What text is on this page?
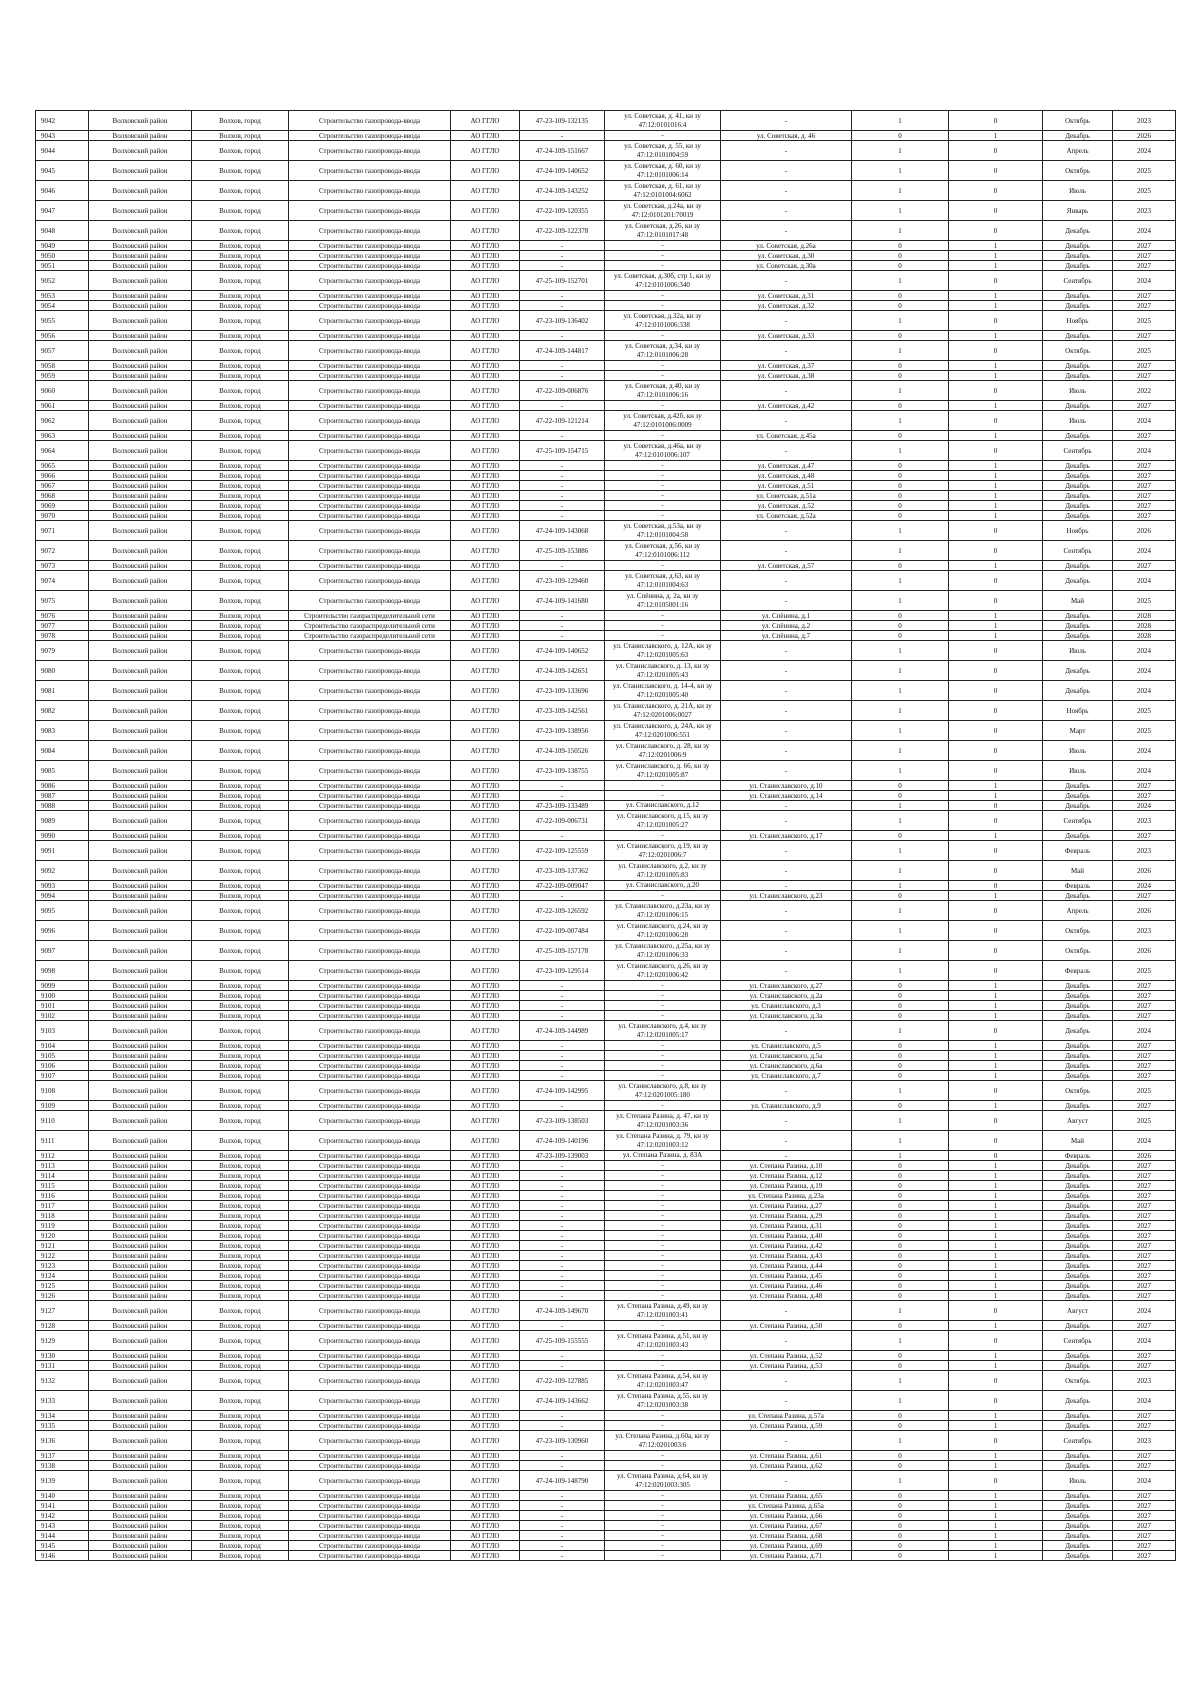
9042	Волховский район	Волхов, город	Строительство газопровода-ввода	АО ГГЛО	47-23-109-132135	ул. Советская, д. 41, кн зу 47:12:0101016:4	-	1	0	Октябрь	2023
9043	Волховский район	Волхов, город	Строительство газопровода-ввода	АО ГГЛО	-	-	ул. Советская, д. 46	0	1	Декабрь	2026
9044	Волховский район	Волхов, город	Строительство газопровода-ввода	АО ГГЛО	47-24-109-151667	ул. Советская, д. 55, кн зу 47:12:0101004:59	-	1	0	Апрель	2024
9045	Волховский район	Волхов, город	Строительство газопровода-ввода	АО ГГЛО	47-24-109-140652	ул. Советская, д. 60, кн зу 47:12:0101006:14	-	1	0	Октябрь	2025
9046	Волховский район	Волхов, город	Строительство газопровода-ввода	АО ГГЛО	47-24-109-143252	ул. Советская, д. 61, кн зу 47:12:0101004:6062	-	1	0	Июль	2025
9047	Волховский район	Волхов, город	Строительство газопровода-ввода	АО ГГЛО	47-22-109-120355	ул. Советская, д.24а, кн зу 47:12:0101201:70019	-	1	0	Январь	2023
9048	Волховский район	Волхов, город	Строительство газопровода-ввода	АО ГГЛО	47-22-109-122378	ул. Советская, д.26, кн зу 47:12:0101017:48	-	1	0	Декабрь	2024
9049	Волховский район	Волхов, город	Строительство газопровода-ввода	АО ГГЛО	-	-	ул. Советская, д.26а	0	1	Декабрь	2027
9050	Волховский район	Волхов, город	Строительство газопровода-ввода	АО ГГЛО	-	-	ул. Советская, д.30	0	1	Декабрь	2027
9051	Волховский район	Волхов, город	Строительство газопровода-ввода	АО ГГЛО	-	-	ул. Советская, д.30а	0	1	Декабрь	2027
9052	Волховский район	Волхов, город	Строительство газопровода-ввода	АО ГГЛО	47-25-109-152701	ул. Советская, д.30б, стр 1, кн зу 47:12:0101006:340	-	1	0	Сентябрь	2024
9053	Волховский район	Волхов, город	Строительство газопровода-ввода	АО ГГЛО	-	-	ул. Советская, д.31	0	1	Декабрь	2027
9054	Волховский район	Волхов, город	Строительство газопровода-ввода	АО ГГЛО	-	-	ул. Советская, д.32	0	1	Декабрь	2027
9055	Волховский район	Волхов, город	Строительство газопровода-ввода	АО ГГЛО	47-23-109-136402	ул. Советская, д.32а, кн зу 47:12:0101006:338	-	1	0	Ноябрь	2025
9056	Волховский район	Волхов, город	Строительство газопровода-ввода	АО ГГЛО	-	-	ул. Советская, д.33	0	1	Декабрь	2027
9057	Волховский район	Волхов, город	Строительство газопровода-ввода	АО ГГЛО	47-24-109-144817	ул. Советская, д.34, кн зу 47:12:0101006:28	-	1	0	Октябрь	2025
9058	Волховский район	Волхов, город	Строительство газопровода-ввода	АО ГГЛО	-	-	ул. Советская, д.37	0	1	Декабрь	2027
9059	Волховский район	Волхов, город	Строительство газопровода-ввода	АО ГГЛО	-	-	ул. Советская, д.38	0	1	Декабрь	2027
9060	Волховский район	Волхов, город	Строительство газопровода-ввода	АО ГГЛО	47-22-109-006876	ул. Советская, д.40, кн зу 47:12:0101006:16	-	1	0	Июль	2022
9061	Волховский район	Волхов, город	Строительство газопровода-ввода	АО ГГЛО	-	-	ул. Советская, д.42	0	1	Декабрь	2027
9062	Волховский район	Волхов, город	Строительство газопровода-ввода	АО ГГЛО	47-22-109-121214	ул. Советская, д.42б, кн зу 47:12:0101006:0009	-	1	0	Июль	2024
9063	Волховский район	Волхов, город	Строительство газопровода-ввода	АО ГГЛО	-	-	ул. Советская, д.45а	0	1	Декабрь	2027
9064	Волховский район	Волхов, город	Строительство газопровода-ввода	АО ГГЛО	47-25-109-154715	ул. Советская, д.46а, кн зу 47:12:0101006:107	-	1	0	Сентябрь	2024
9065	Волховский район	Волхов, город	Строительство газопровода-ввода	АО ГГЛО	-	-	ул. Советская, д.47	0	1	Декабрь	2027
9066	Волховский район	Волхов, город	Строительство газопровода-ввода	АО ГГЛО	-	-	ул. Советская, д.48	0	1	Декабрь	2027
9067	Волховский район	Волхов, город	Строительство газопровода-ввода	АО ГГЛО	-	-	ул. Советская, д.51	0	1	Декабрь	2027
9068	Волховский район	Волхов, город	Строительство газопровода-ввода	АО ГГЛО	-	-	ул. Советская, д.51а	0	1	Декабрь	2027
9069	Волховский район	Волхов, город	Строительство газопровода-ввода	АО ГГЛО	-	-	ул. Советская, д.52	0	1	Декабрь	2027
9070	Волховский район	Волхов, город	Строительство газопровода-ввода	АО ГГЛО	-	-	ул. Советская, д.52а	0	1	Декабрь	2027
9071	Волховский район	Волхов, город	Строительство газопровода-ввода	АО ГГЛО	47-24-109-143068	ул. Советская, д.53а, кн зу 47:12:0101004:58	-	1	0	Ноябрь	2026
9072	Волховский район	Волхов, город	Строительство газопровода-ввода	АО ГГЛО	47-25-109-153886	ул. Советская, д.56, кн зу 47:12:0101006:112	-	1	0	Сентябрь	2024
9073	Волховский район	Волхов, город	Строительство газопровода-ввода	АО ГГЛО	-	-	ул. Советская, д.57	0	1	Декабрь	2027
9074	Волховский район	Волхов, город	Строительство газопровода-ввода	АО ГГЛО	47-23-109-129460	ул. Советская, д.63, кн зу 47:12:0101004:63	-	1	0	Декабрь	2024
9075	Волховский район	Волхов, город	Строительство газопровода-ввода	АО ГГЛО	47-24-109-141680	ул. Спëнина, д. 2а, кн зу 47:12:0105001:16	-	1	0	Май	2025
9076	Волховский район	Волхов, город	Строительство газораспределительной сети	АО ГГЛО	-	-	ул. Спëнина, д.1	0	1	Декабрь	2028
9077	Волховский район	Волхов, город	Строительство газораспределительной сети	АО ГГЛО	-	-	ул. Спëнина, д.2	0	1	Декабрь	2028
9078	Волховский район	Волхов, город	Строительство газораспределительной сети	АО ГГЛО	-	-	ул. Спëнина, д.7	0	1	Декабрь	2028
9079	Волховский район	Волхов, город	Строительство газопровода-ввода	АО ГГЛО	47-24-109-140652	ул. Станиславского, д. 12А, кн зу 47:12:0201005:63	-	1	0	Июль	2024
9080	Волховский район	Волхов, город	Строительство газопровода-ввода	АО ГГЛО	47-24-109-142651	ул. Станиславского, д. 13, кн зу 47:12:0201005:43	-	1	0	Декабрь	2024
9081	Волховский район	Волхов, город	Строительство газопровода-ввода	АО ГГЛО	47-23-109-133696	ул. Станиславского, д. 14-4, кн зу 47:12:0201005:40	-	1	0	Декабрь	2024
9082	Волховский район	Волхов, город	Строительство газопровода-ввода	АО ГГЛО	47-23-109-142561	ул. Станиславского, д. 21А, кн зу 47:12:0201006:0027	-	1	0	Ноябрь	2025
9083	Волховский район	Волхов, город	Строительство газопровода-ввода	АО ГГЛО	47-23-109-138956	ул. Станиславского, д. 24А, кн зу 47:12:0201006:551	-	1	0	Март	2025
9084	Волховский район	Волхов, город	Строительство газопровода-ввода	АО ГГЛО	47-24-109-150526	ул. Станиславского, д. 28, кн зу 47:12:0201006:9	-	1	0	Июль	2024
9085	Волховский район	Волхов, город	Строительство газопровода-ввода	АО ГГЛО	47-23-109-138755	ул. Станиславского, д. 66, кн зу 47:12:0201005:87	-	1	0	Июль	2024
9086	Волховский район	Волхов, город	Строительство газопровода-ввода	АО ГГЛО	-	-	ул. Станиславского, д.10	0	1	Декабрь	2027
9087	Волховский район	Волхов, город	Строительство газопровода-ввода	АО ГГЛО	-	-	ул. Станиславского, д.14	0	1	Декабрь	2027
9088	Волховский район	Волхов, город	Строительство газопровода-ввода	АО ГГЛО	47-23-109-133489	ул. Станиславского, д.12	-	1	0	Декабрь	2024
9089	Волховский район	Волхов, город	Строительство газопровода-ввода	АО ГГЛО	47-22-109-006731	ул. Станиславского, д.15, кн зу 47:12:0201005:27	-	1	0	Сентябрь	2023
9090	Волховский район	Волхов, город	Строительство газопровода-ввода	АО ГГЛО	-	-	ул. Станиславского, д.17	0	1	Декабрь	2027
9091	Волховский район	Волхов, город	Строительство газопровода-ввода	АО ГГЛО	47-22-109-125559	ул. Станиславского, д.19, кн зу 47:12:0201006:7	-	1	0	Февраль	2023
9092	Волховский район	Волхов, город	Строительство газопровода-ввода	АО ГГЛО	47-23-109-137362	ул. Станиславского, д.2, кн зу 47:12:0201005:83	-	1	0	Май	2026
9093	Волховский район	Волхов, город	Строительство газопровода-ввода	АО ГГЛО	47-22-109-009047	ул. Станиславского, д.20	-	1	0	Февраль	2024
9094	Волховский район	Волхов, город	Строительство газопровода-ввода	АО ГГЛО	-	-	ул. Станиславского, д.23	0	1	Декабрь	2027
9095	Волховский район	Волхов, город	Строительство газопровода-ввода	АО ГГЛО	47-22-109-126592	ул. Станиславского, д.23а, кн зу 47:12:0201006:15	-	1	0	Апрель	2026
9096	Волховский район	Волхов, город	Строительство газопровода-ввода	АО ГГЛО	47-22-109-007484	ул. Станиславского, д.24, кн зу 47:12:0201006:28	-	1	0	Октябрь	2023
9097	Волховский район	Волхов, город	Строительство газопровода-ввода	АО ГГЛО	47-25-109-157178	ул. Станиславского, д.25а, кн зу 47:12:0201006:33	-	1	0	Октябрь	2026
9098	Волховский район	Волхов, город	Строительство газопровода-ввода	АО ГГЛО	47-23-109-129514	ул. Станиславского, д.26, кн зу 47:12:0201006:42	-	1	0	Февраль	2025
9099	Волховский район	Волхов, город	Строительство газопровода-ввода	АО ГГЛО	-	-	ул. Станиславского, д.27	0	1	Декабрь	2027
9100	Волховский район	Волхов, город	Строительство газопровода-ввода	АО ГГЛО	-	-	ул. Станиславского, д.2а	0	1	Декабрь	2027
9101	Волховский район	Волхов, город	Строительство газопровода-ввода	АО ГГЛО	-	-	ул. Станиславского, д.3	0	1	Декабрь	2027
9102	Волховский район	Волхов, город	Строительство газопровода-ввода	АО ГГЛО	-	-	ул. Станиславского, д.3а	0	1	Декабрь	2027
9103	Волховский район	Волхов, город	Строительство газопровода-ввода	АО ГГЛО	47-24-109-144989	ул. Станиславского, д.4, кн зу 47:12:0201005:17	-	1	0	Декабрь	2024
9104	Волховский район	Волхов, город	Строительство газопровода-ввода	АО ГГЛО	-	-	ул. Станиславского, д.5	0	1	Декабрь	2027
9105	Волховский район	Волхов, город	Строительство газопровода-ввода	АО ГГЛО	-	-	ул. Станиславского, д.5а	0	1	Декабрь	2027
9106	Волховский район	Волхов, город	Строительство газопровода-ввода	АО ГГЛО	-	-	ул. Станиславского, д.6а	0	1	Декабрь	2027
9107	Волховский район	Волхов, город	Строительство газопровода-ввода	АО ГГЛО	-	-	ул. Станиславского, д.7	0	1	Декабрь	2027
9108	Волховский район	Волхов, город	Строительство газопровода-ввода	АО ГГЛО	47-24-109-142995	ул. Станиславского, д.8, кн зу 47:12:0201005:180	-	1	0	Октябрь	2025
9109	Волховский район	Волхов, город	Строительство газопровода-ввода	АО ГГЛО	-	-	ул. Станиславского, д.9	0	1	Декабрь	2027
9110	Волховский район	Волхов, город	Строительство газопровода-ввода	АО ГГЛО	47-23-109-138503	ул. Степана Разина, д. 47, кн зу 47:12:0201003:36	-	1	0	Август	2025
9111	Волховский район	Волхов, город	Строительство газопровода-ввода	АО ГГЛО	47-24-109-140196	ул. Степана Разина, д. 79, кн зу 47:12:0201003:12	-	1	0	Май	2024
9112	Волховский район	Волхов, город	Строительство газопровода-ввода	АО ГГЛО	47-23-109-139003	ул. Степана Разина, д. 83А	-	1	0	Февраль	2026
9113	Волховский район	Волхов, город	Строительство газопровода-ввода	АО ГГЛО	-	-	ул. Степана Разина, д.10	0	1	Декабрь	2027
9114	Волховский район	Волхов, город	Строительство газопровода-ввода	АО ГГЛО	-	-	ул. Степана Разина, д.12	0	1	Декабрь	2027
9115	Волховский район	Волхов, город	Строительство газопровода-ввода	АО ГГЛО	-	-	ул. Степана Разина, д.19	0	1	Декабрь	2027
9116	Волховский район	Волхов, город	Строительство газопровода-ввода	АО ГГЛО	-	-	ул. Степана Разина, д.23а	0	1	Декабрь	2027
9117	Волховский район	Волхов, город	Строительство газопровода-ввода	АО ГГЛО	-	-	ул. Степана Разина, д.27	0	1	Декабрь	2027
9118	Волховский район	Волхов, город	Строительство газопровода-ввода	АО ГГЛО	-	-	ул. Степана Разина, д.29	0	1	Декабрь	2027
9119	Волховский район	Волхов, город	Строительство газопровода-ввода	АО ГГЛО	-	-	ул. Степана Разина, д.31	0	1	Декабрь	2027
9120	Волховский район	Волхов, город	Строительство газопровода-ввода	АО ГГЛО	-	-	ул. Степана Разина, д.40	0	1	Декабрь	2027
9121	Волховский район	Волхов, город	Строительство газопровода-ввода	АО ГГЛО	-	-	ул. Степана Разина, д.42	0	1	Декабрь	2027
9122	Волховский район	Волхов, город	Строительство газопровода-ввода	АО ГГЛО	-	-	ул. Степана Разина, д.43	0	1	Декабрь	2027
9123	Волховский район	Волхов, город	Строительство газопровода-ввода	АО ГГЛО	-	-	ул. Степана Разина, д.44	0	1	Декабрь	2027
9124	Волховский район	Волхов, город	Строительство газопровода-ввода	АО ГГЛО	-	-	ул. Степана Разина, д.45	0	1	Декабрь	2027
9125	Волховский район	Волхов, город	Строительство газопровода-ввода	АО ГГЛО	-	-	ул. Степана Разина, д.46	0	1	Декабрь	2027
9126	Волховский район	Волхов, город	Строительство газопровода-ввода	АО ГГЛО	-	-	ул. Степана Разина, д.48	0	1	Декабрь	2027
9127	Волховский район	Волхов, город	Строительство газопровода-ввода	АО ГГЛО	47-24-109-149670	ул. Степана Разина, д.49, кн зу 47:12:0201003:41	-	1	0	Август	2024
9128	Волховский район	Волхов, город	Строительство газопровода-ввода	АО ГГЛО	-	-	ул. Степана Разина, д.50	0	1	Декабрь	2027
9129	Волховский район	Волхов, город	Строительство газопровода-ввода	АО ГГЛО	47-25-109-155555	ул. Степана Разина, д.51, кн зу 47:12:0201003:43	-	1	0	Сентябрь	2024
9130	Волховский район	Волхов, город	Строительство газопровода-ввода	АО ГГЛО	-	-	ул. Степана Разина, д.52	0	1	Декабрь	2027
9131	Волховский район	Волхов, город	Строительство газопровода-ввода	АО ГГЛО	-	-	ул. Степана Разина, д.53	0	1	Декабрь	2027
9132	Волховский район	Волхов, город	Строительство газопровода-ввода	АО ГГЛО	47-22-109-127885	ул. Степана Разина, д.54, кн зу 47:12:0201003:47	-	1	0	Октябрь	2023
9133	Волховский район	Волхов, город	Строительство газопровода-ввода	АО ГГЛО	47-24-109-143662	ул. Степана Разина, д.55, кн зу 47:12:0201003:38	-	1	0	Декабрь	2024
9134	Волховский район	Волхов, город	Строительство газопровода-ввода	АО ГГЛО	-	-	ул. Степана Разина, д.57а	0	1	Декабрь	2027
9135	Волховский район	Волхов, город	Строительство газопровода-ввода	АО ГГЛО	-	-	ул. Степана Разина, д.59	0	1	Декабрь	2027
9136	Волховский район	Волхов, город	Строительство газопровода-ввода	АО ГГЛО	47-23-109-130960	ул. Степана Разина, д.60а, кн зу 47:12:0201003:6	-	1	0	Сентябрь	2023
9137	Волховский район	Волхов, город	Строительство газопровода-ввода	АО ГГЛО	-	-	ул. Степана Разина, д.61	0	1	Декабрь	2027
9138	Волховский район	Волхов, город	Строительство газопровода-ввода	АО ГГЛО	-	-	ул. Степана Разина, д.62	0	1	Декабрь	2027
9139	Волховский район	Волхов, город	Строительство газопровода-ввода	АО ГГЛО	47-24-109-148790	ул. Степана Разина, д.64, кн зу 47:12:0201003:305	-	1	0	Июль	2024
9140	Волховский район	Волхов, город	Строительство газопровода-ввода	АО ГГЛО	-	-	ул. Степана Разина, д.65	0	1	Декабрь	2027
9141	Волховский район	Волхов, город	Строительство газопровода-ввода	АО ГГЛО	-	-	ул. Степана Разина, д.65а	0	1	Декабрь	2027
9142	Волховский район	Волхов, город	Строительство газопровода-ввода	АО ГГЛО	-	-	ул. Степана Разина, д.66	0	1	Декабрь	2027
9143	Волховский район	Волхов, город	Строительство газопровода-ввода	АО ГГЛО	-	-	ул. Степана Разина, д.67	0	1	Декабрь	2027
9144	Волховский район	Волхов, город	Строительство газопровода-ввода	АО ГГЛО	-	-	ул. Степана Разина, д.68	0	1	Декабрь	2027
9145	Волховский район	Волхов, город	Строительство газопровода-ввода	АО ГГЛО	-	-	ул. Степана Разина, д.69	0	1	Декабрь	2027
9146	Волховский район	Волхов, город	Строительство газопровода-ввода	АО ГГЛО	-	-	ул. Степана Разина, д.71	0	1	Декабрь	2027
